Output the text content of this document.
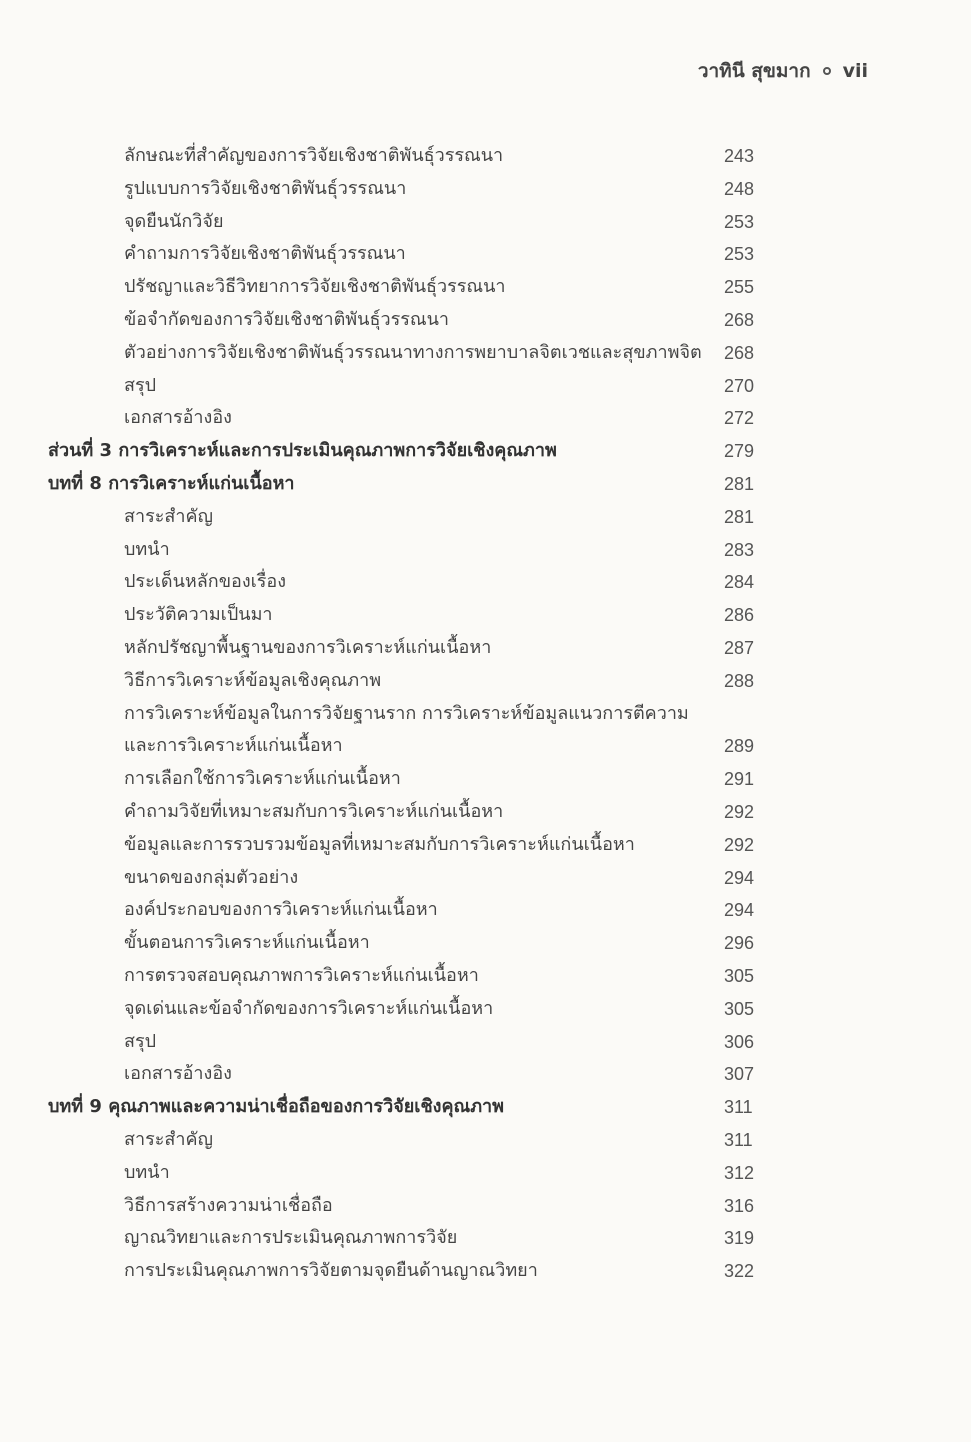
วาทินี สุขมาก vii
ลักษณะที่สำคัญของการวิจัยเชิงชาติพันธุ์วรรณนา	243
รูปแบบการวิจัยเชิงชาติพันธุ์วรรณนา	248
จุดยืนนักวิจัย	253
คำถามการวิจัยเชิงชาติพันธุ์วรรณนา	253
ปรัชญาและวิธีวิทยาการวิจัยเชิงชาติพันธุ์วรรณนา	255
ข้อจำกัดของการวิจัยเชิงชาติพันธุ์วรรณนา	268
ตัวอย่างการวิจัยเชิงชาติพันธุ์วรรณนาทางการพยาบาลจิตเวชและสุขภาพจิต 268
สรุป	270
เอกสารอ้างอิง	272
ส่วนที่ 3 การวิเคราะห์และการประเมินคุณภาพการวิจัยเชิงคุณภาพ	279
บทที่ 8 การวิเคราะห์แก่นเนื้อหา	281
สาระสำคัญ	281
บทนำ	283
ประเด็นหลักของเรื่อง	284
ประวัติความเป็นมา	286
หลักปรัชญาพื้นฐานของการวิเคราะห์แก่นเนื้อหา	287
วิธีการวิเคราะห์ข้อมูลเชิงคุณภาพ	288
การวิเคราะห์ข้อมูลในการวิจัยฐานราก การวิเคราะห์ข้อมูลแนวการตีความ
และการวิเคราะห์แก่นเนื้อหา	289
การเลือกใช้การวิเคราะห์แก่นเนื้อหา	291
คำถามวิจัยที่เหมาะสมกับการวิเคราะห์แก่นเนื้อหา	292
ข้อมูลและการรวบรวมข้อมูลที่เหมาะสมกับการวิเคราะห์แก่นเนื้อหา	292
ขนาดของกลุ่มตัวอย่าง	294
องค์ประกอบของการวิเคราะห์แก่นเนื้อหา	294
ขั้นตอนการวิเคราะห์แก่นเนื้อหา	296
การตรวจสอบคุณภาพการวิเคราะห์แก่นเนื้อหา	305
จุดเด่นและข้อจำกัดของการวิเคราะห์แก่นเนื้อหา	305
สรุป	306
เอกสารอ้างอิง	307
บทที่ 9 คุณภาพและความน่าเชื่อถือของการวิจัยเชิงคุณภาพ	311
สาระสำคัญ	311
บทนำ	312
วิธีการสร้างความน่าเชื่อถือ	316
ญาณวิทยาและการประเมินคุณภาพการวิจัย	319
การประเมินคุณภาพการวิจัยตามจุดยืนด้านญาณวิทยา	322
